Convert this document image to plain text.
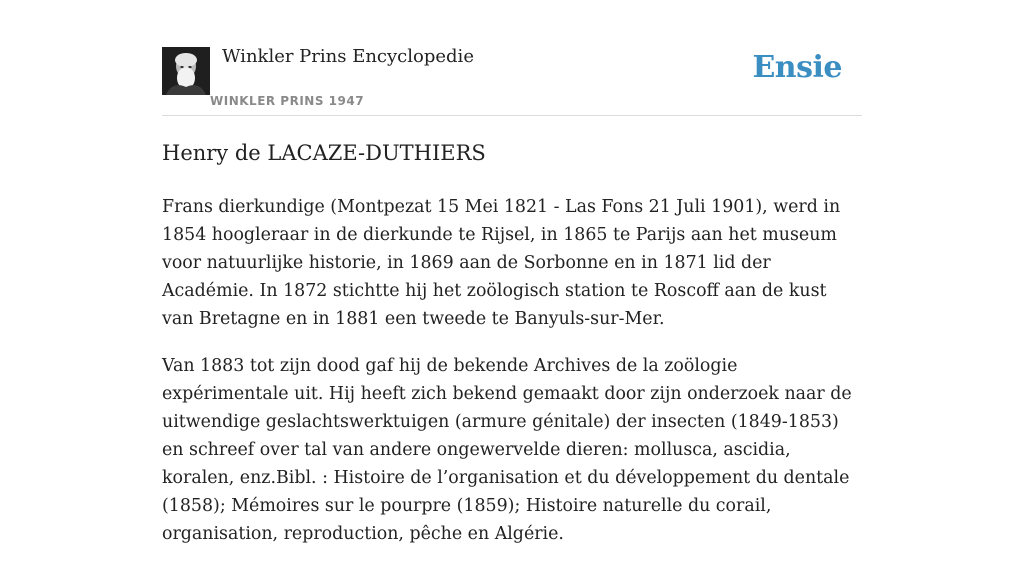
Winkler Prins Encyclopedie
WINKLER PRINS 1947
Ensie
Henry de LACAZE-DUTHIERS

Frans dierkundige (Montpezat 15 Mei 1821 - Las Fons 21 Juli 1901), werd in 1854 hoogleraar in de dierkunde te Rijsel, in 1865 te Parijs aan het museum voor natuurlijke historie, in 1869 aan de Sorbonne en in 1871 lid der Académie. In 1872 stichtte hij het zoölogisch station te Roscoff aan de kust van Bretagne en in 1881 een tweede te Banyuls-sur-Mer.

Van 1883 tot zijn dood gaf hij de bekende Archives de la zoölogie expérimentale uit. Hij heeft zich bekend gemaakt door zijn onderzoek naar de uitwendige geslachtswerktuigen (armure génitale) der insecten (1849-1853) en schreef over tal van andere ongewervelde dieren: mollusca, ascidia, koralen, enz.Bibl. : Histoire de l’organisation et du développement du dentale (1858); Mémoires sur le pourpre (1859); Histoire naturelle du corail, organisation, reproduction, pêche en Algérie.
